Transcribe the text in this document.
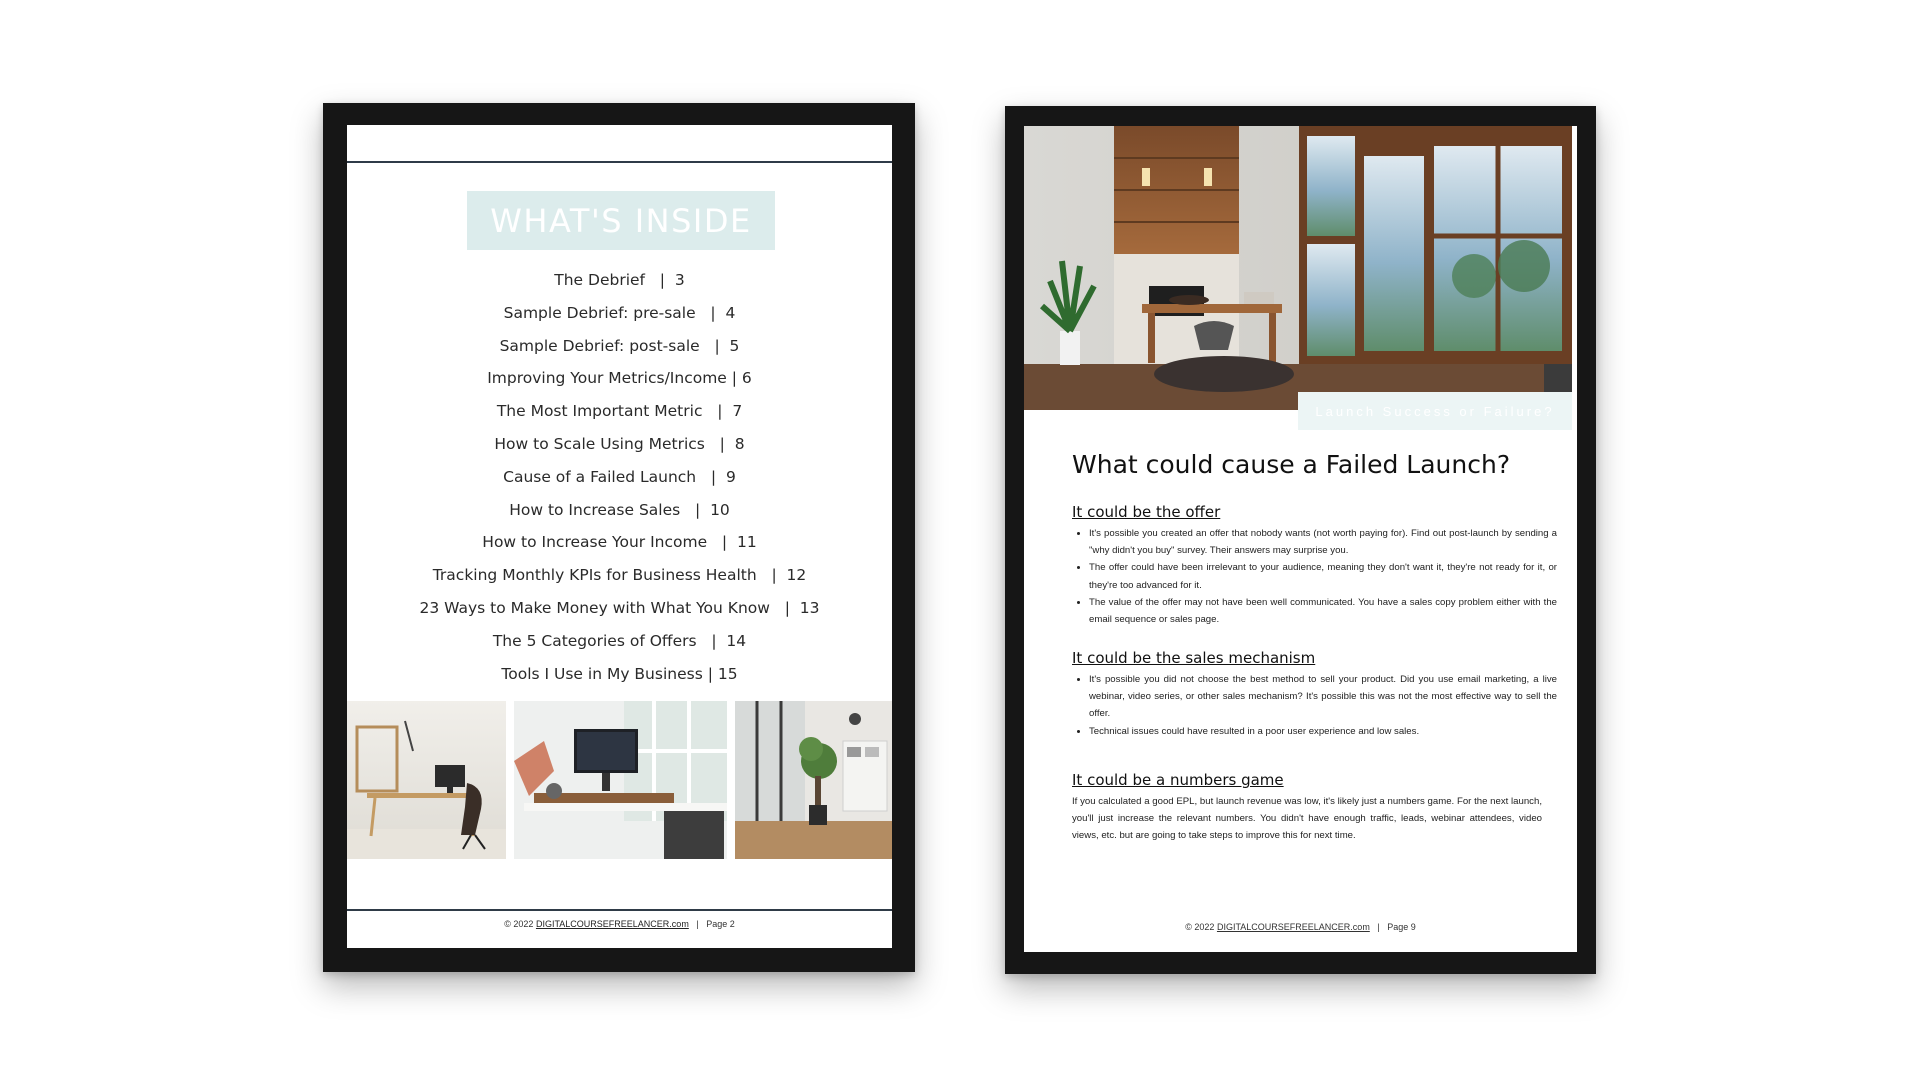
WHAT'S INSIDE
The Debrief   |  3
Sample Debrief: pre-sale   |  4
Sample Debrief: post-sale   |  5
Improving Your Metrics/Income | 6
The Most Important Metric   |  7
How to Scale Using Metrics   |  8
Cause of a Failed Launch   |  9
How to Increase Sales   |  10
How to Increase Your Income   |  11
Tracking Monthly KPIs for Business Health   |  12
23 Ways to Make Money with What You Know   |  13
The 5 Categories of Offers   |  14
Tools I Use in My Business | 15
© 2022 DIGITALCOURSEFREELANCER.com | Page 2
Launch Success or Failure?
What could cause a Failed Launch?
It could be the offer
• It's possible you created an offer that nobody wants (not worth paying for). Find out post-launch by sending a "why didn't you buy" survey. Their answers may surprise you.
• The offer could have been irrelevant to your audience, meaning they don't want it, they're not ready for it, or they're too advanced for it.
• The value of the offer may not have been well communicated. You have a sales copy problem either with the email sequence or sales page.
It could be the sales mechanism
• It's possible you did not choose the best method to sell your product. Did you use email marketing, a live webinar, video series, or other sales mechanism? It's possible this was not the most effective way to sell the offer.
• Technical issues could have resulted in a poor user experience and low sales.
It could be a numbers game

If you calculated a good EPL, but launch revenue was low, it's likely just a numbers game. For the next launch, you'll just increase the relevant numbers. You didn't have enough traffic, leads, webinar attendees, video views, etc. but are going to take steps to improve this for next time.

© 2022 DIGITALCOURSEFREELANCER.com | Page 9
